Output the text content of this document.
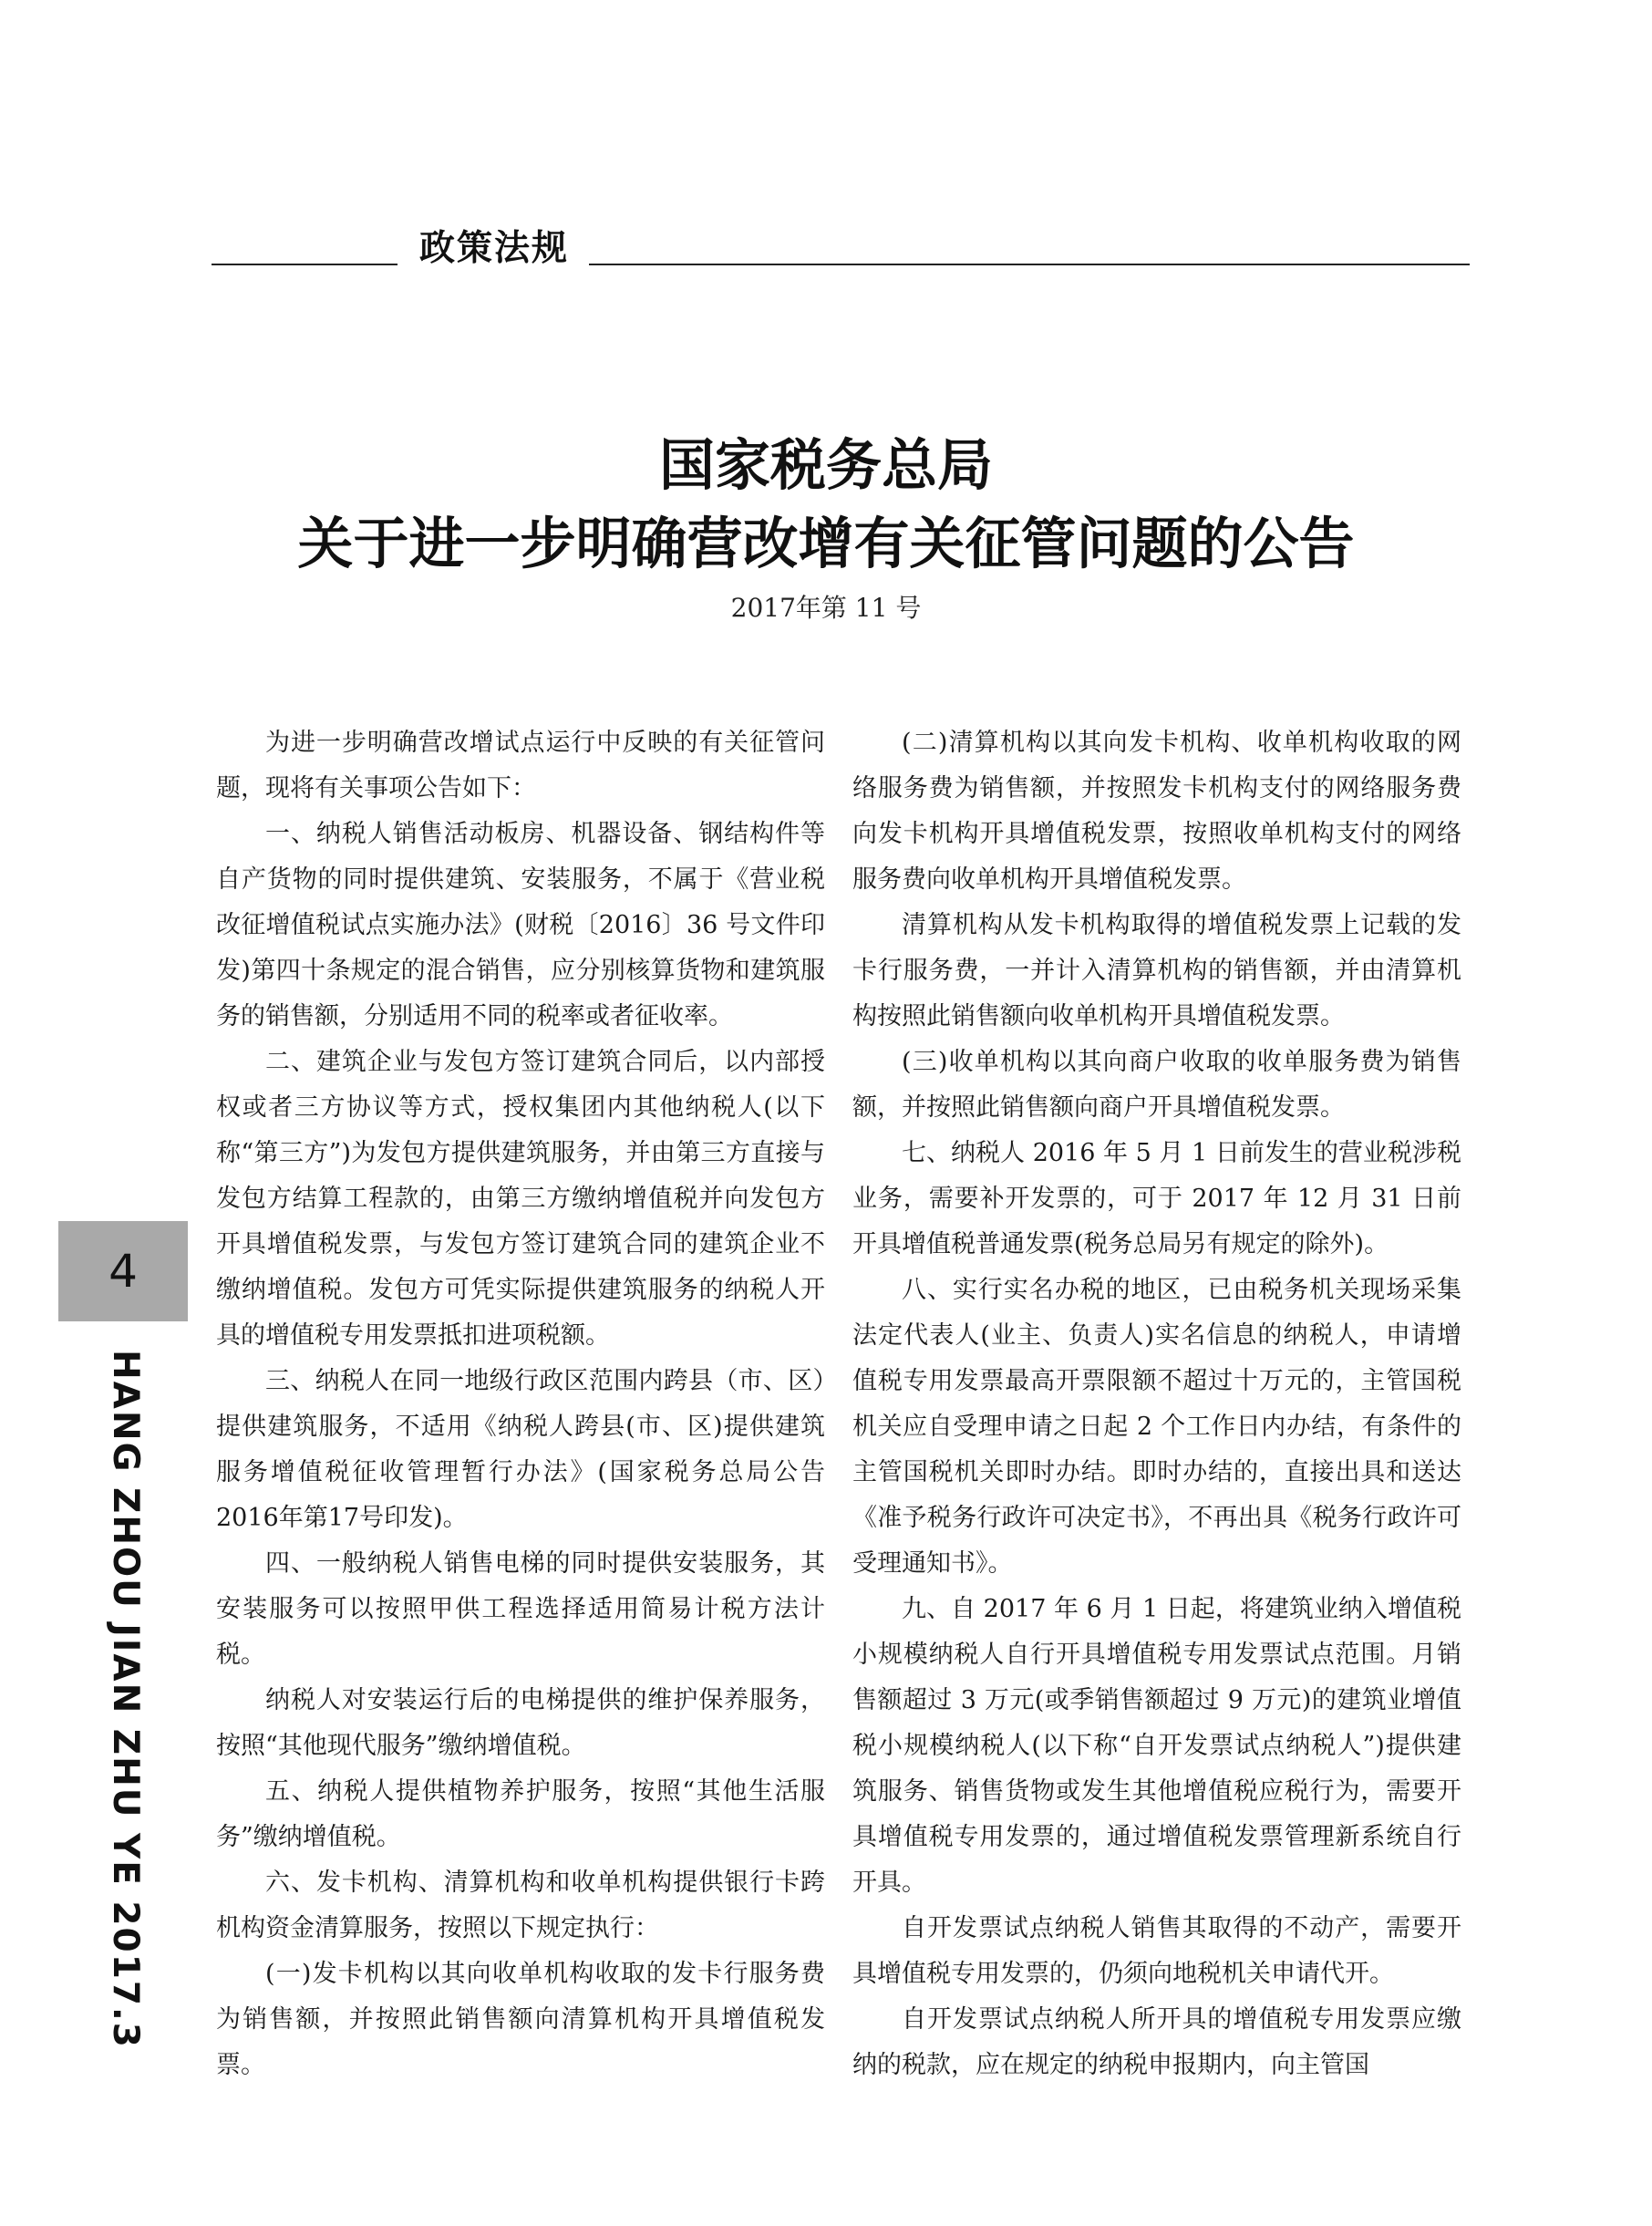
政策法规
国家税务总局
关于进一步明确营改增有关征管问题的公告
2017年第 11 号

为进一步明确营改增试点运行中反映的有关征管问题，现将有关事项公告如下：

一、纳税人销售活动板房、机器设备、钢结构件等自产货物的同时提供建筑、安装服务，不属于《营业税改征增值税试点实施办法》(财税〔2016〕36 号文件印发)第四十条规定的混合销售，应分别核算货物和建筑服务的销售额，分别适用不同的税率或者征收率。

二、建筑企业与发包方签订建筑合同后，以内部授权或者三方协议等方式，授权集团内其他纳税人(以下称“第三方”)为发包方提供建筑服务，并由第三方直接与发包方结算工程款的，由第三方缴纳增值税并向发包方开具增值税发票，与发包方签订建筑合同的建筑企业不缴纳增值税。发包方可凭实际提供建筑服务的纳税人开具的增值税专用发票抵扣进项税额。

三、纳税人在同一地级行政区范围内跨县（市、区）提供建筑服务，不适用《纳税人跨县(市、区)提供建筑服务增值税征收管理暂行办法》(国家税务总局公告 2016年第17号印发)。

四、一般纳税人销售电梯的同时提供安装服务，其安装服务可以按照甲供工程选择适用简易计税方法计税。

纳税人对安装运行后的电梯提供的维护保养服务，按照“其他现代服务”缴纳增值税。

五、纳税人提供植物养护服务，按照“其他生活服务”缴纳增值税。

六、发卡机构、清算机构和收单机构提供银行卡跨机构资金清算服务，按照以下规定执行：

(一)发卡机构以其向收单机构收取的发卡行服务费为销售额，并按照此销售额向清算机构开具增值税发票。

(二)清算机构以其向发卡机构、收单机构收取的网络服务费为销售额，并按照发卡机构支付的网络服务费向发卡机构开具增值税发票，按照收单机构支付的网络服务费向收单机构开具增值税发票。

清算机构从发卡机构取得的增值税发票上记载的发卡行服务费，一并计入清算机构的销售额，并由清算机构按照此销售额向收单机构开具增值税发票。

(三)收单机构以其向商户收取的收单服务费为销售额，并按照此销售额向商户开具增值税发票。

七、纳税人 2016 年 5 月 1 日前发生的营业税涉税业务，需要补开发票的，可于 2017 年 12 月 31 日前开具增值税普通发票(税务总局另有规定的除外)。

八、实行实名办税的地区，已由税务机关现场采集法定代表人(业主、负责人)实名信息的纳税人，申请增值税专用发票最高开票限额不超过十万元的，主管国税机关应自受理申请之日起 2 个工作日内办结，有条件的主管国税机关即时办结。即时办结的，直接出具和送达《准予税务行政许可决定书》，不再出具《税务行政许可受理通知书》。

九、自 2017 年 6 月 1 日起，将建筑业纳入增值税小规模纳税人自行开具增值税专用发票试点范围。月销售额超过 3 万元(或季销售额超过 9 万元)的建筑业增值税小规模纳税人(以下称“自开发票试点纳税人”)提供建筑服务、销售货物或发生其他增值税应税行为，需要开具增值税专用发票的，通过增值税发票管理新系统自行开具。

自开发票试点纳税人销售其取得的不动产，需要开具增值税专用发票的，仍须向地税机关申请代开。

自开发票试点纳税人所开具的增值税专用发票应缴纳的税款，应在规定的纳税申报期内，向主管国

4
HANG ZHOU JIAN ZHU YE 2017.3
